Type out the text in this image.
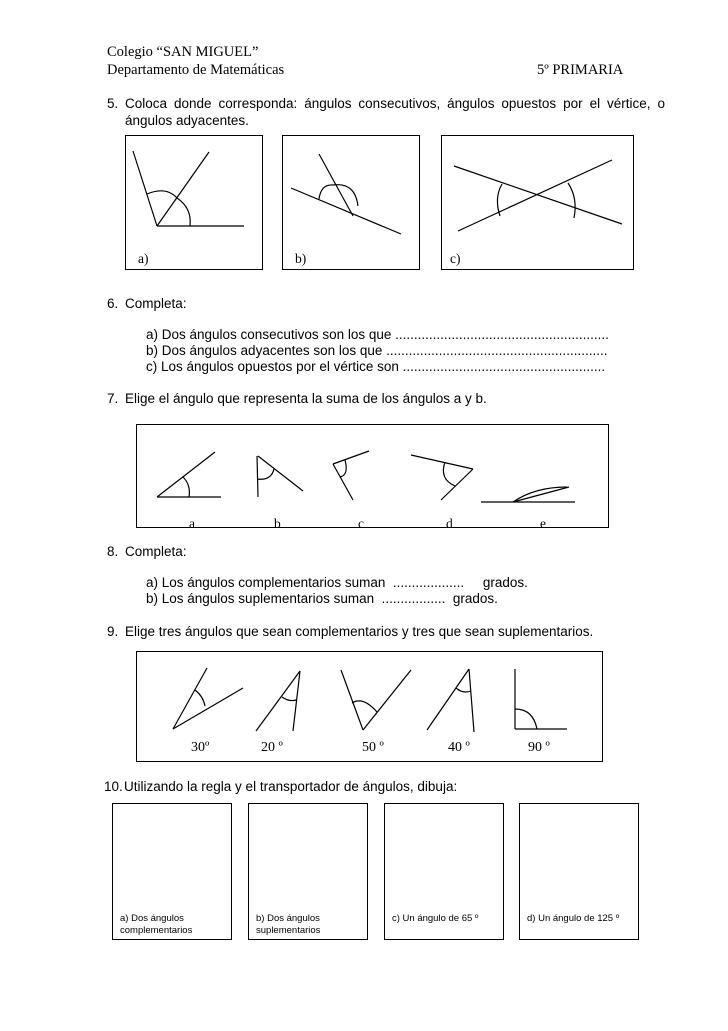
Colegio “SAN MIGUEL”
Departamento de Matemáticas	5º PRIMARIA
5. Coloca donde corresponda: ángulos consecutivos, ángulos opuestos por el vértice, o
ángulos adyacentes.
a)	b)	c)
6. Completa:
a) Dos ángulos consecutivos son los que .........................................................
b) Dos ángulos adyacentes son los que ...........................................................
c) Los ángulos opuestos por el vértice son ......................................................
7. Elige el ángulo que representa la suma de los ángulos a y b.
a	b	c	d	e
8. Completa:
a) Los ángulos complementarios suman  ...................     grados.
b) Los ángulos suplementarios suman  .................  grados.
9. Elige tres ángulos que sean complementarios y tres que sean suplementarios.
30º	20 º	50 º	40 º	90 º
10. Utilizando la regla y el transportador de ángulos, dibuja:
a) Dos ángulos
complementarios
b) Dos ángulos
suplementarios
c) Un ángulo de 65 º	d) Un ángulo de 125 º
